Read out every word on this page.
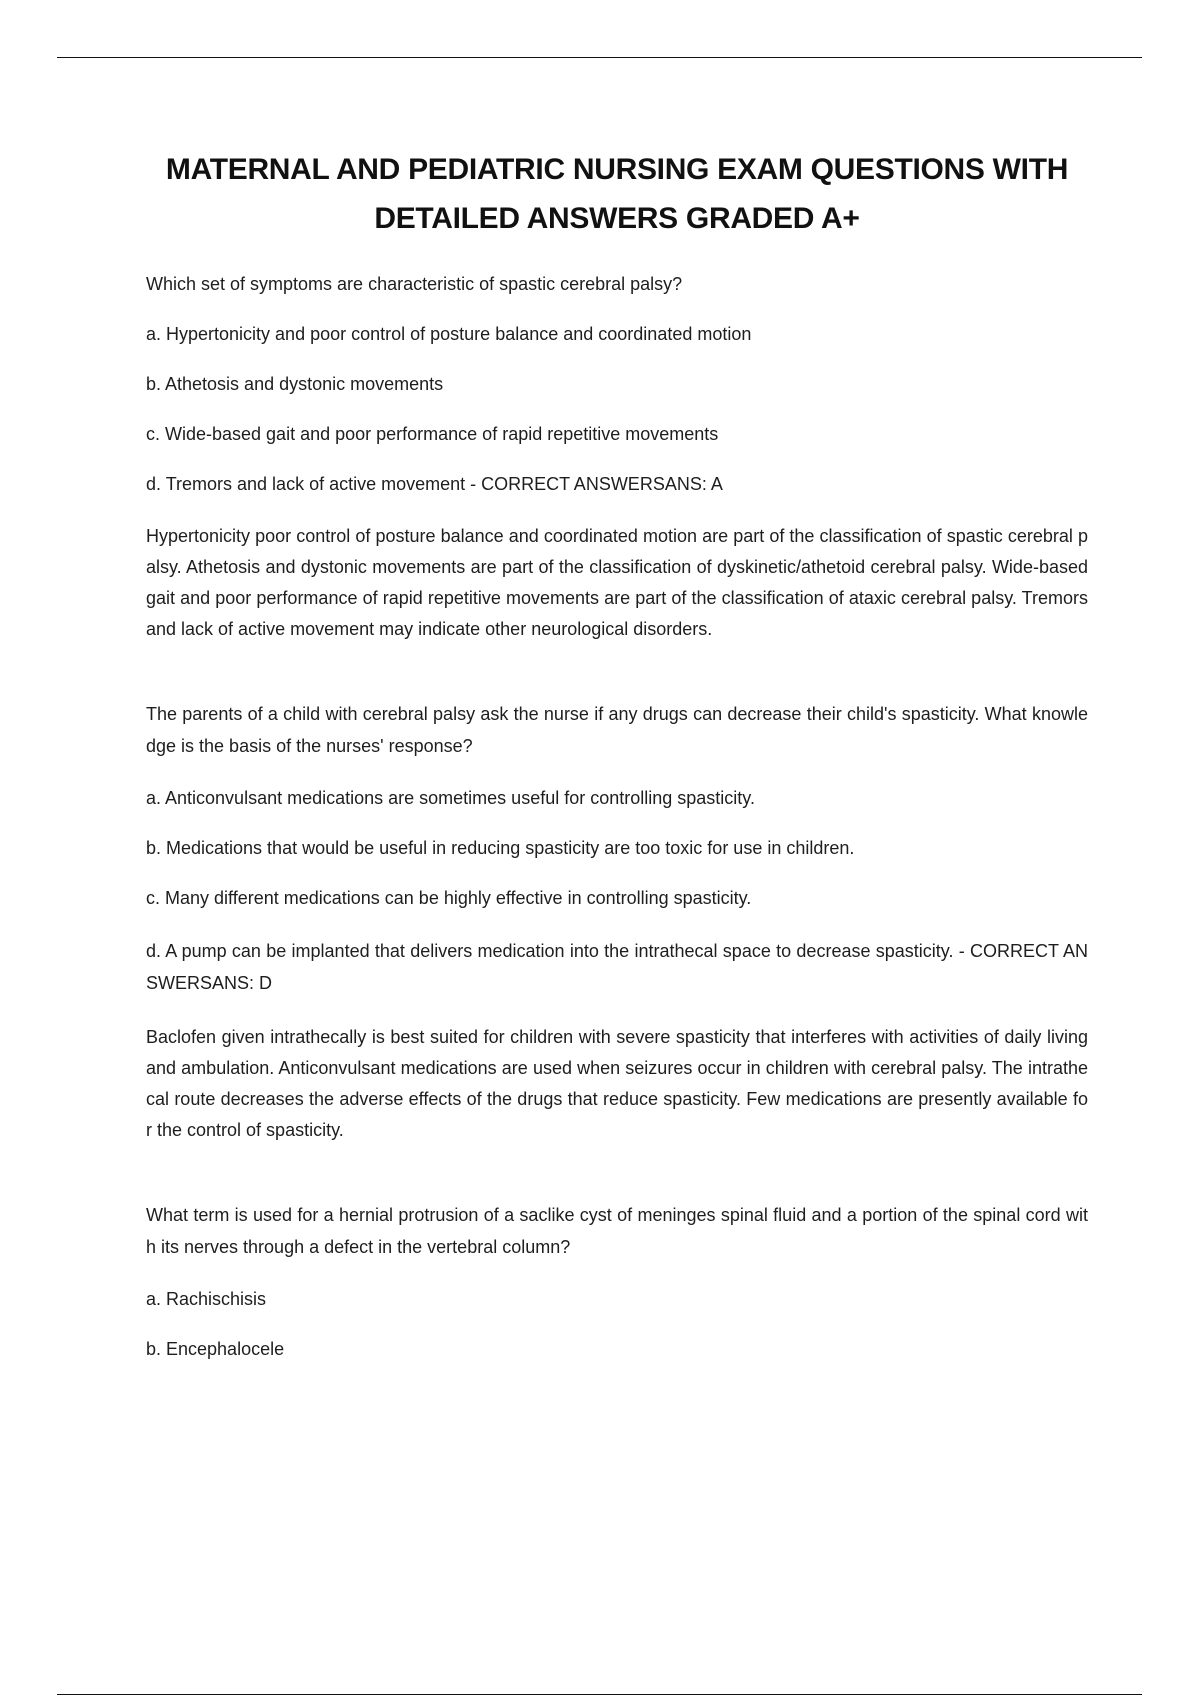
MATERNAL AND PEDIATRIC NURSING EXAM QUESTIONS WITH DETAILED ANSWERS GRADED A+

Which set of symptoms are characteristic of spastic cerebral palsy?

a. Hypertonicity and poor control of posture balance and coordinated motion

b. Athetosis and dystonic movements

c. Wide-based gait and poor performance of rapid repetitive movements

d. Tremors and lack of active movement - CORRECT ANSWERSANS: A

Hypertonicity poor control of posture balance and coordinated motion are part of the classification of spastic cerebral palsy. Athetosis and dystonic movements are part of the classification of dyskinetic/athetoid cerebral palsy. Wide-based gait and poor performance of rapid repetitive movements are part of the classification of ataxic cerebral palsy. Tremors and lack of active movement may indicate other neurological disorders.

The parents of a child with cerebral palsy ask the nurse if any drugs can decrease their child's spasticity. What knowledge is the basis of the nurses' response?

a. Anticonvulsant medications are sometimes useful for controlling spasticity.

b. Medications that would be useful in reducing spasticity are too toxic for use in children.

c. Many different medications can be highly effective in controlling spasticity.

d. A pump can be implanted that delivers medication into the intrathecal space to decrease spasticity. - CORRECT ANSWERSANS: D

Baclofen given intrathecally is best suited for children with severe spasticity that interferes with activities of daily living and ambulation. Anticonvulsant medications are used when seizures occur in children with cerebral palsy. The intrathecal route decreases the adverse effects of the drugs that reduce spasticity. Few medications are presently available for the control of spasticity.

What term is used for a hernial protrusion of a saclike cyst of meninges spinal fluid and a portion of the spinal cord with its nerves through a defect in the vertebral column?

a. Rachischisis

b. Encephalocele
